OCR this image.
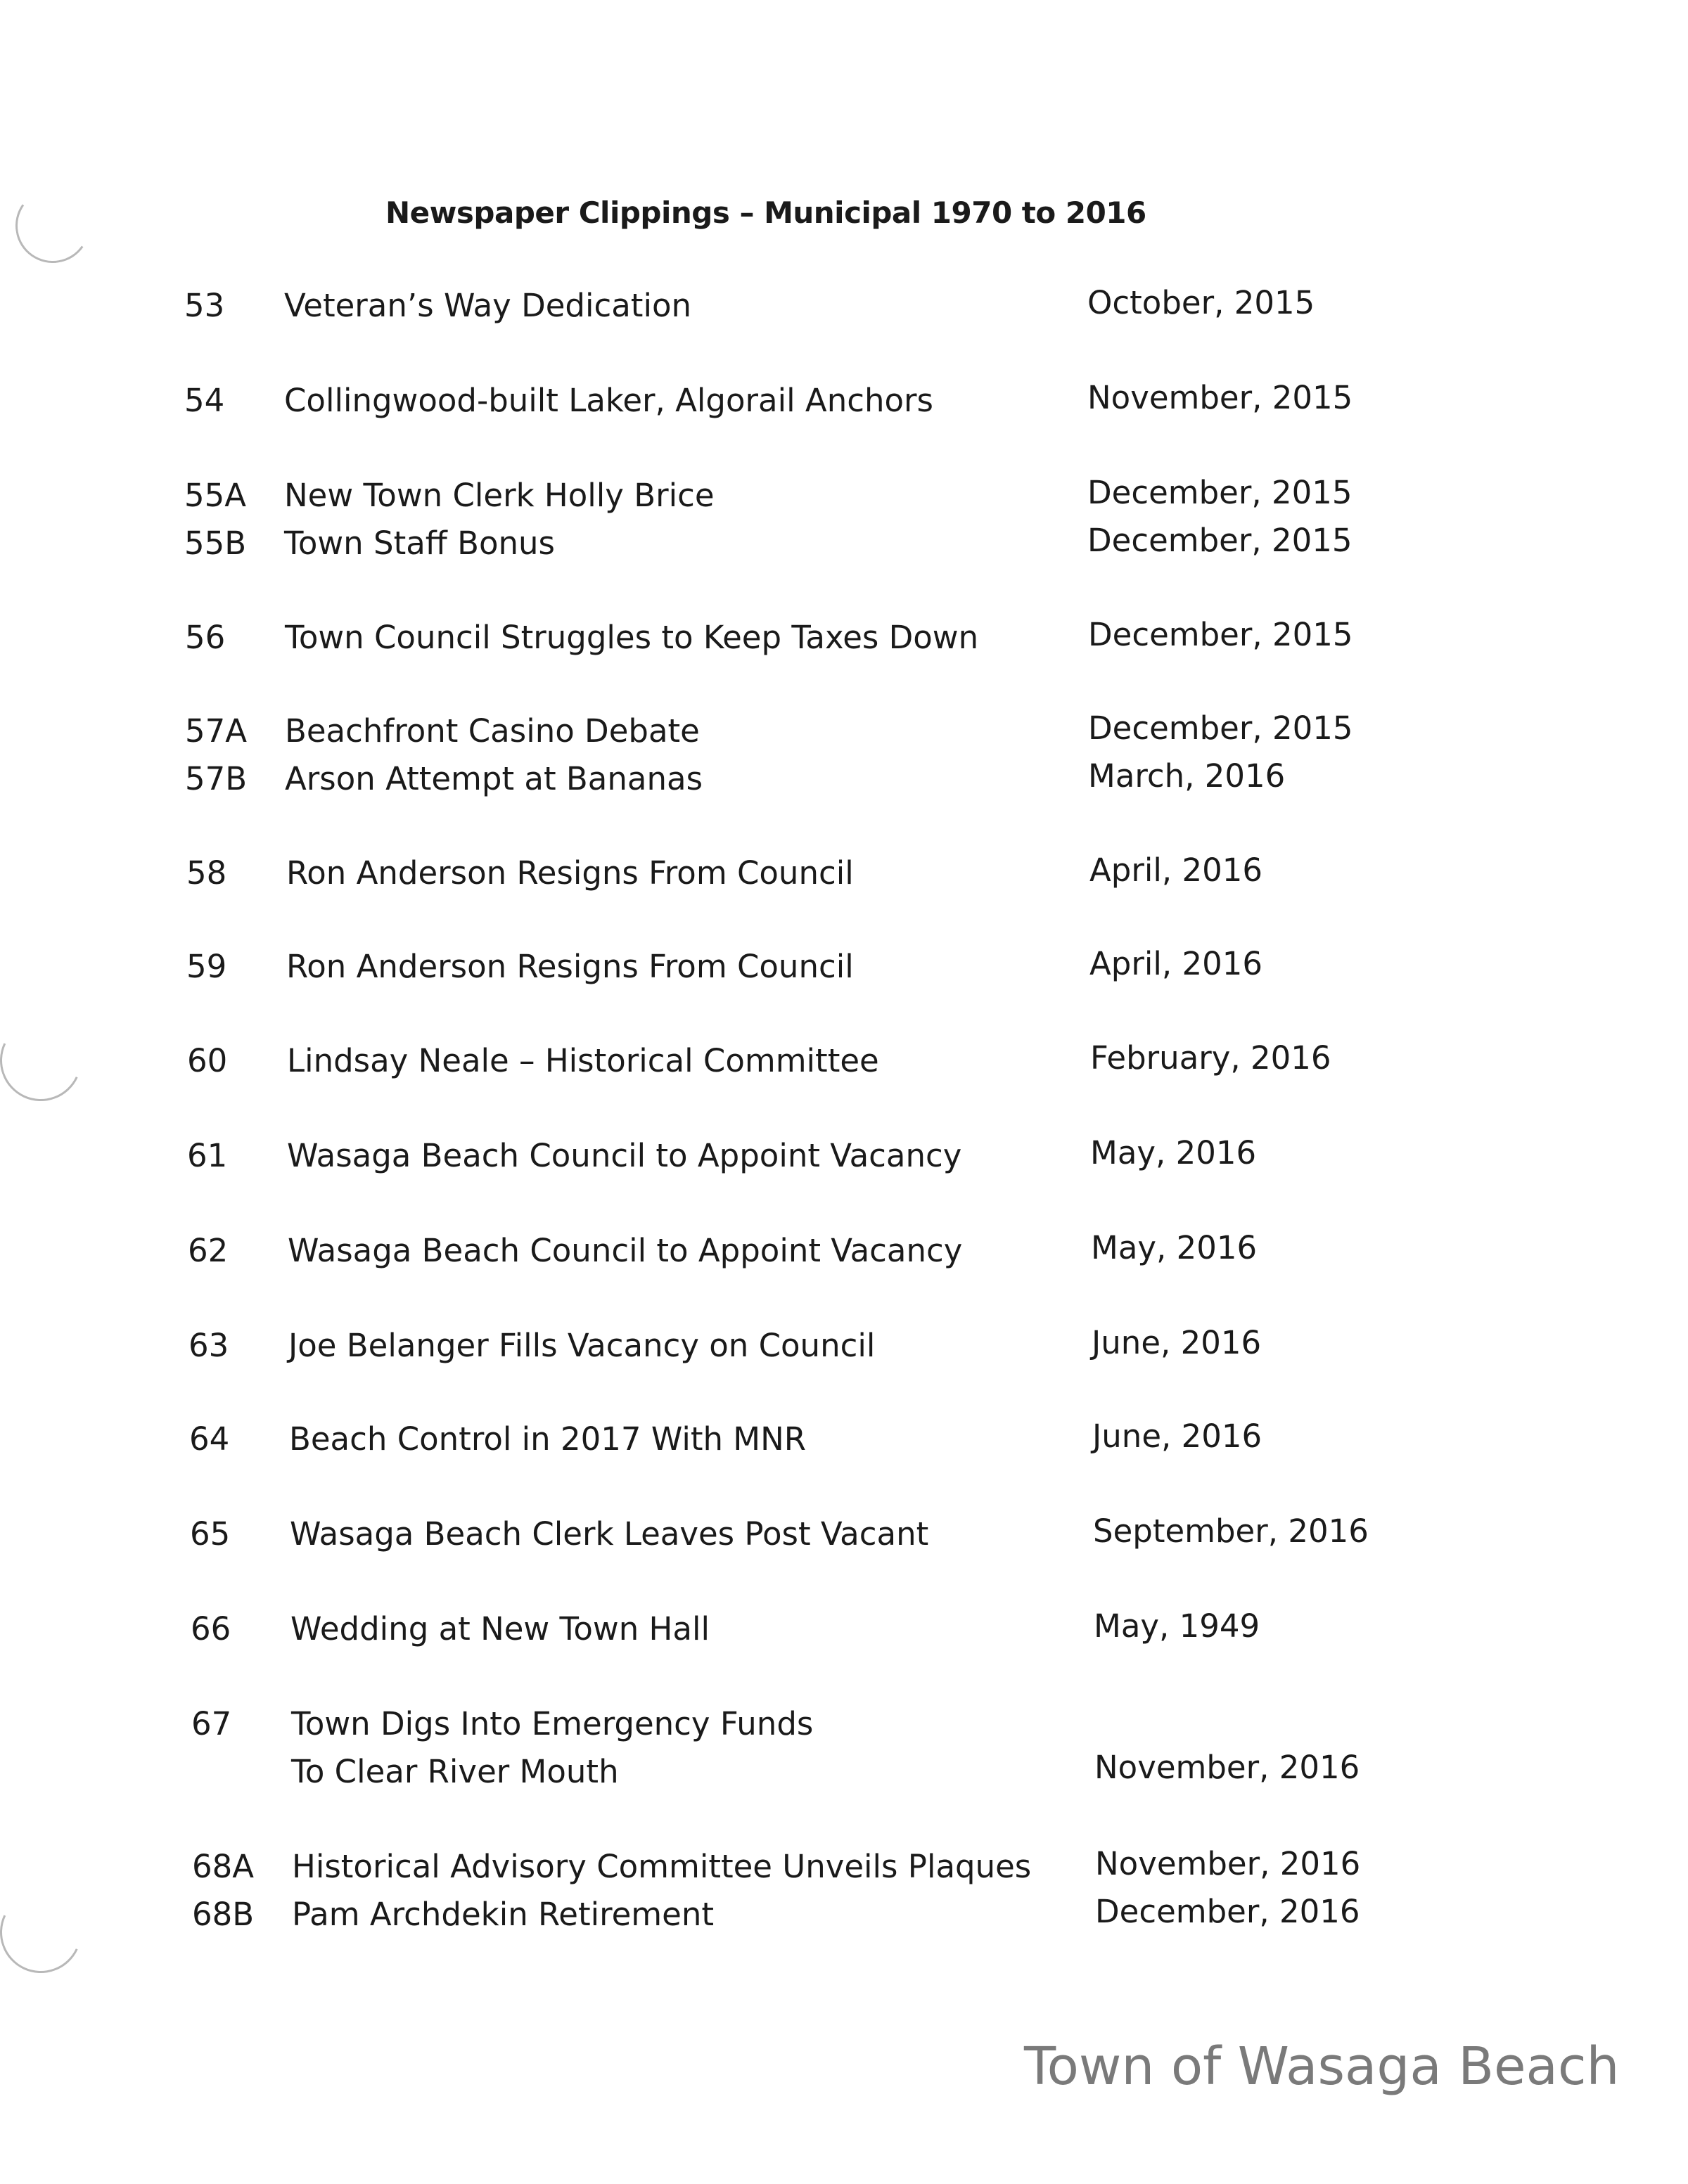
Newspaper Clippings – Municipal 1970 to 2016
53 Veteran’s Way Dedication	October, 2015
54 Collingwood-built Laker, Algorail Anchors	November, 2015
55A New Town Clerk Holly Brice	December, 2015
55B Town Staff Bonus	December, 2015
56 Town Council Struggles to Keep Taxes Down	December, 2015
57A Beachfront Casino Debate	December, 2015
57B Arson Attempt at Bananas	March, 2016
58 Ron Anderson Resigns From Council	April, 2016
59 Ron Anderson Resigns From Council	April, 2016
60 Lindsay Neale – Historical Committee	February, 2016
61 Wasaga Beach Council to Appoint Vacancy	May, 2016
62 Wasaga Beach Council to Appoint Vacancy	May, 2016
63 Joe Belanger Fills Vacancy on Council	June, 2016
64 Beach Control in 2017 With MNR	June, 2016
65 Wasaga Beach Clerk Leaves Post Vacant	September, 2016
66 Wedding at New Town Hall	May, 1949
67 Town Digs Into Emergency Funds
To Clear River Mouth	November, 2016
68A Historical Advisory Committee Unveils Plaques November, 2016
68B Pam Archdekin Retirement	December, 2016
Town of Wasaga Beach
